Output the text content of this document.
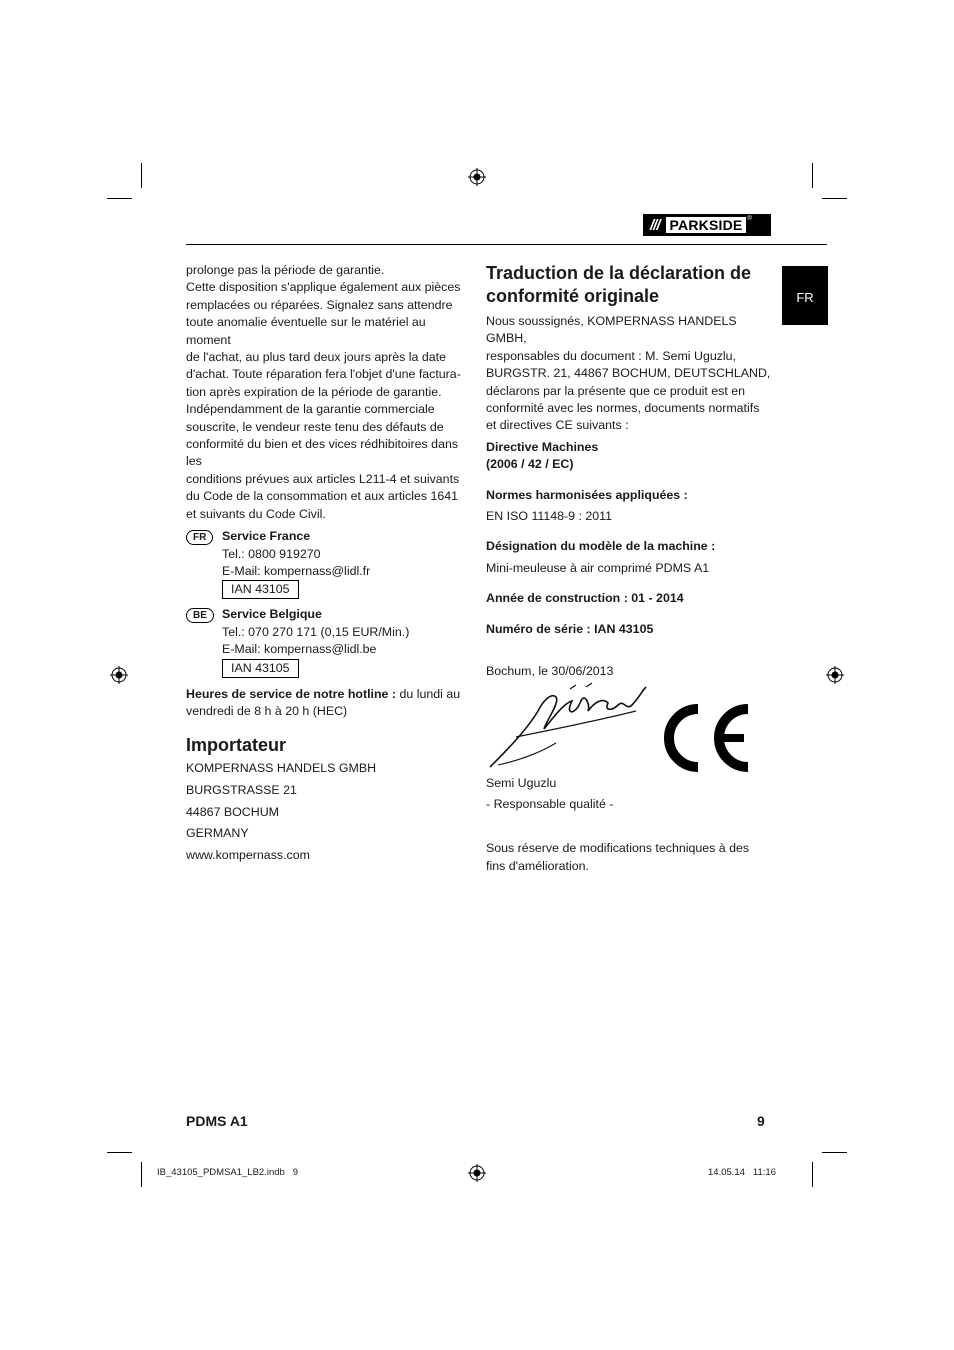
/// PARKSIDE ®
FR

prolonge pas la période de garantie.

Cette disposition s'applique également aux pièces

remplacées ou réparées. Signalez sans attendre

toute anomalie éventuelle sur le matériel au moment

de l'achat, au plus tard deux jours après la date

d'achat. Toute réparation fera l'objet d'une factura-

tion après expiration de la période de garantie.

Indépendamment de la garantie commerciale

souscrite, le vendeur reste tenu des défauts de

conformité du bien et des vices rédhibitoires dans les

conditions prévues aux articles L211-4 et suivants

du Code de la consommation et aux articles 1641

et suivants du Code Civil.

FR	Service France

Tel.: 0800 919270

E-Mail: kompernass@lidl.fr

IAN 43105
BE	Service Belgique

Tel.: 070 270 171 (0,15 EUR/Min.)

E-Mail: kompernass@lidl.be

IAN 43105

Heures de service de notre hotline : du lundi au
vendredi de 8 h à 20 h (HEC)

Importateur

KOMPERNASS HANDELS GMBH

BURGSTRASSE 21

44867 BOCHUM

GERMANY

www.kompernass.com

Traduction de la déclaration de

conformité originale

Nous soussignés, KOMPERNASS HANDELS GMBH,

responsables du document : M. Semi Uguzlu,

BURGSTR. 21, 44867 BOCHUM, DEUTSCHLAND,

déclarons par la présente que ce produit est en

conformité avec les normes, documents normatifs

et directives CE suivants :

Directive Machines

(2006 / 42 / EC)

Normes harmonisées appliquées :

EN ISO 11148-9 : 2011

Désignation du modèle de la machine :

Mini-meuleuse à air comprimé PDMS A1

Année de construction : 01 - 2014

Numéro de série : IAN 43105

Bochum, le 30/06/2013

Semi Uguzlu

- Responsable qualité -

Sous réserve de modifications techniques à des

fins d'amélioration.

PDMS A1	9
IB_43105_PDMSA1_LB2.indb   9	14.05.14   11:16
